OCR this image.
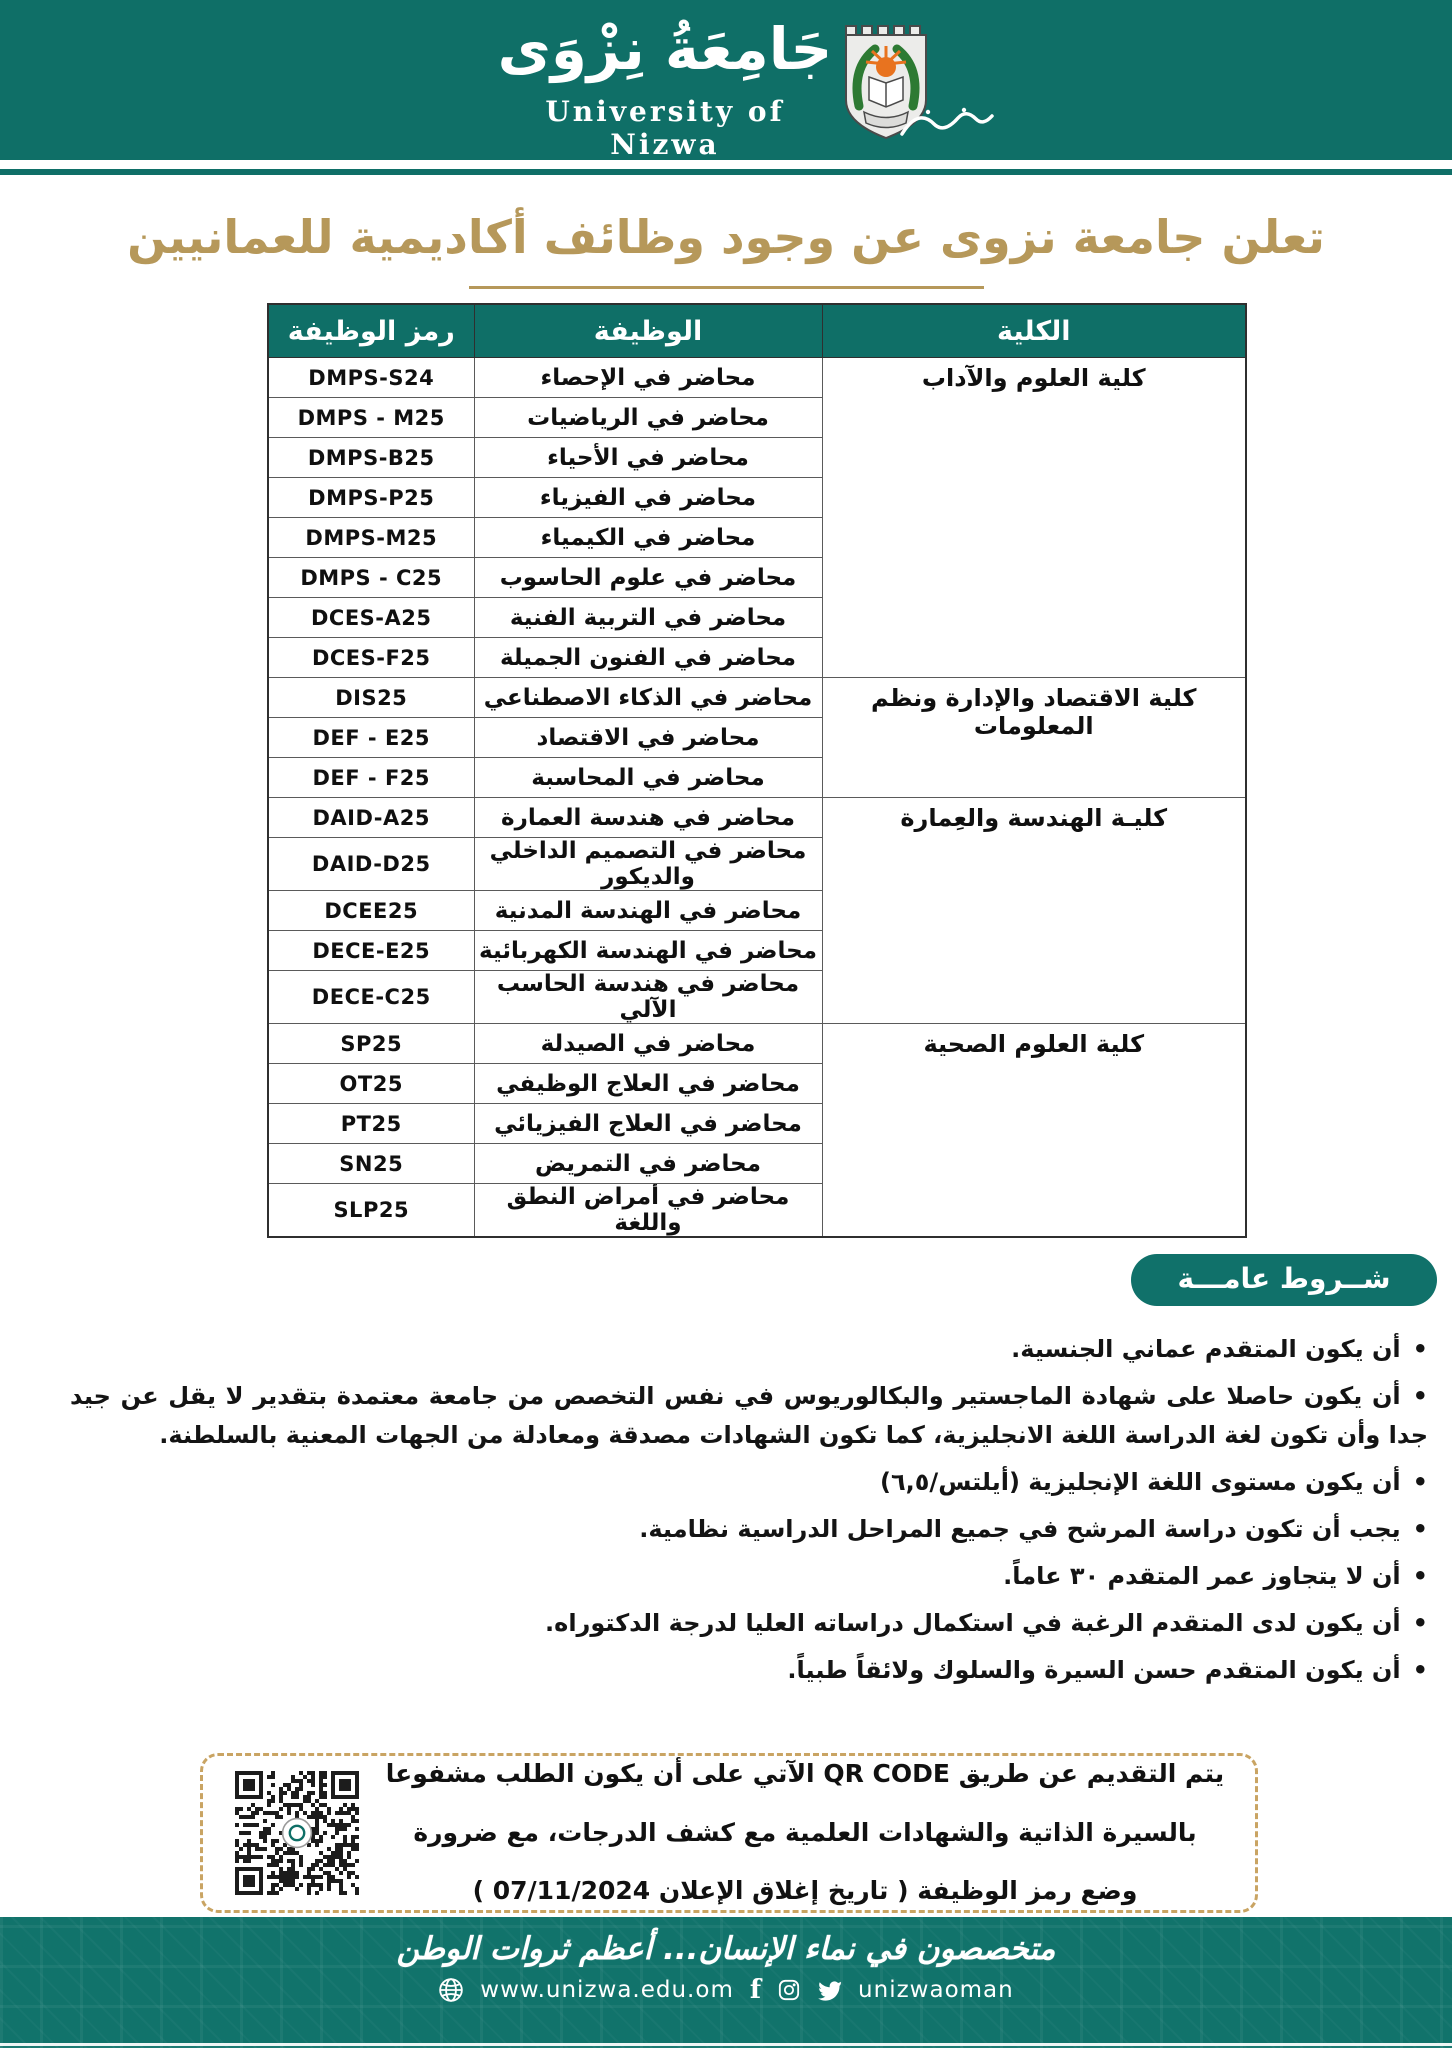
جَامِعَةُ نِزْوَى
University of Nizwa
تعلن جامعة نزوى عن وجود وظائف أكاديمية للعمانيين
الكلية	الوظيفة	رمز الوظيفة
كلية العلوم والآداب	محاضر في الإحصاء	DMPS-S24
	محاضر في الرياضيات	DMPS - M25
	محاضر في الأحياء	DMPS-B25
	محاضر في الفيزياء	DMPS-P25
	محاضر في الكيمياء	DMPS-M25
	محاضر في علوم الحاسوب	DMPS - C25
	محاضر في التربية الفنية	DCES-A25
	محاضر في الفنون الجميلة	DCES-F25
كلية الاقتصاد والإدارة ونظم المعلومات	محاضر في الذكاء الاصطناعي	DIS25
	محاضر في الاقتصاد	DEF - E25
	محاضر في المحاسبة	DEF - F25
كليـة الهندسة والعِمارة	محاضر في هندسة العمارة	DAID-A25
	محاضر في التصميم الداخلي والديكور	DAID-D25
	محاضر في الهندسة المدنية	DCEE25
	محاضر في الهندسة الكهربائية	DECE-E25
	محاضر في هندسة الحاسب الآلي	DECE-C25
كلية العلوم الصحية	محاضر في الصيدلة	SP25
	محاضر في العلاج الوظيفي	OT25
	محاضر في العلاج الفيزيائي	PT25
	محاضر في التمريض	SN25
	محاضر في أمراض النطق واللغة	SLP25
شــروط عامـــة
• أن يكون المتقدم عماني الجنسية.
• أن يكون حاصلا على شهادة الماجستير والبكالوريوس في نفس التخصص من جامعة معتمدة بتقدير لا يقل عن جيد جدا وأن تكون لغة الدراسة اللغة الانجليزية، كما تكون الشهادات مصدقة ومعادلة من الجهات المعنية بالسلطنة.
• أن يكون مستوى اللغة الإنجليزية (أيلتس/٦,٥)
• يجب أن تكون دراسة المرشح في جميع المراحل الدراسية نظامية.
• أن لا يتجاوز عمر المتقدم ٣٠ عاماً.
• أن يكون لدى المتقدم الرغبة في استكمال دراساته العليا لدرجة الدكتوراه.
• أن يكون المتقدم حسن السيرة والسلوك ولائقاً طبياً.

يتم التقديم عن طريق QR CODE الآتي على أن يكون الطلب مشفوعا بالسيرة الذاتية والشهادات العلمية مع كشف الدرجات، مع ضرورة وضع رمز الوظيفة ( تاريخ إغلاق الإعلان 07/11/2024 )

متخصصون في نماء الإنسان... أعظم ثروات الوطن
www.unizwa.edu.om f	unizwaoman
